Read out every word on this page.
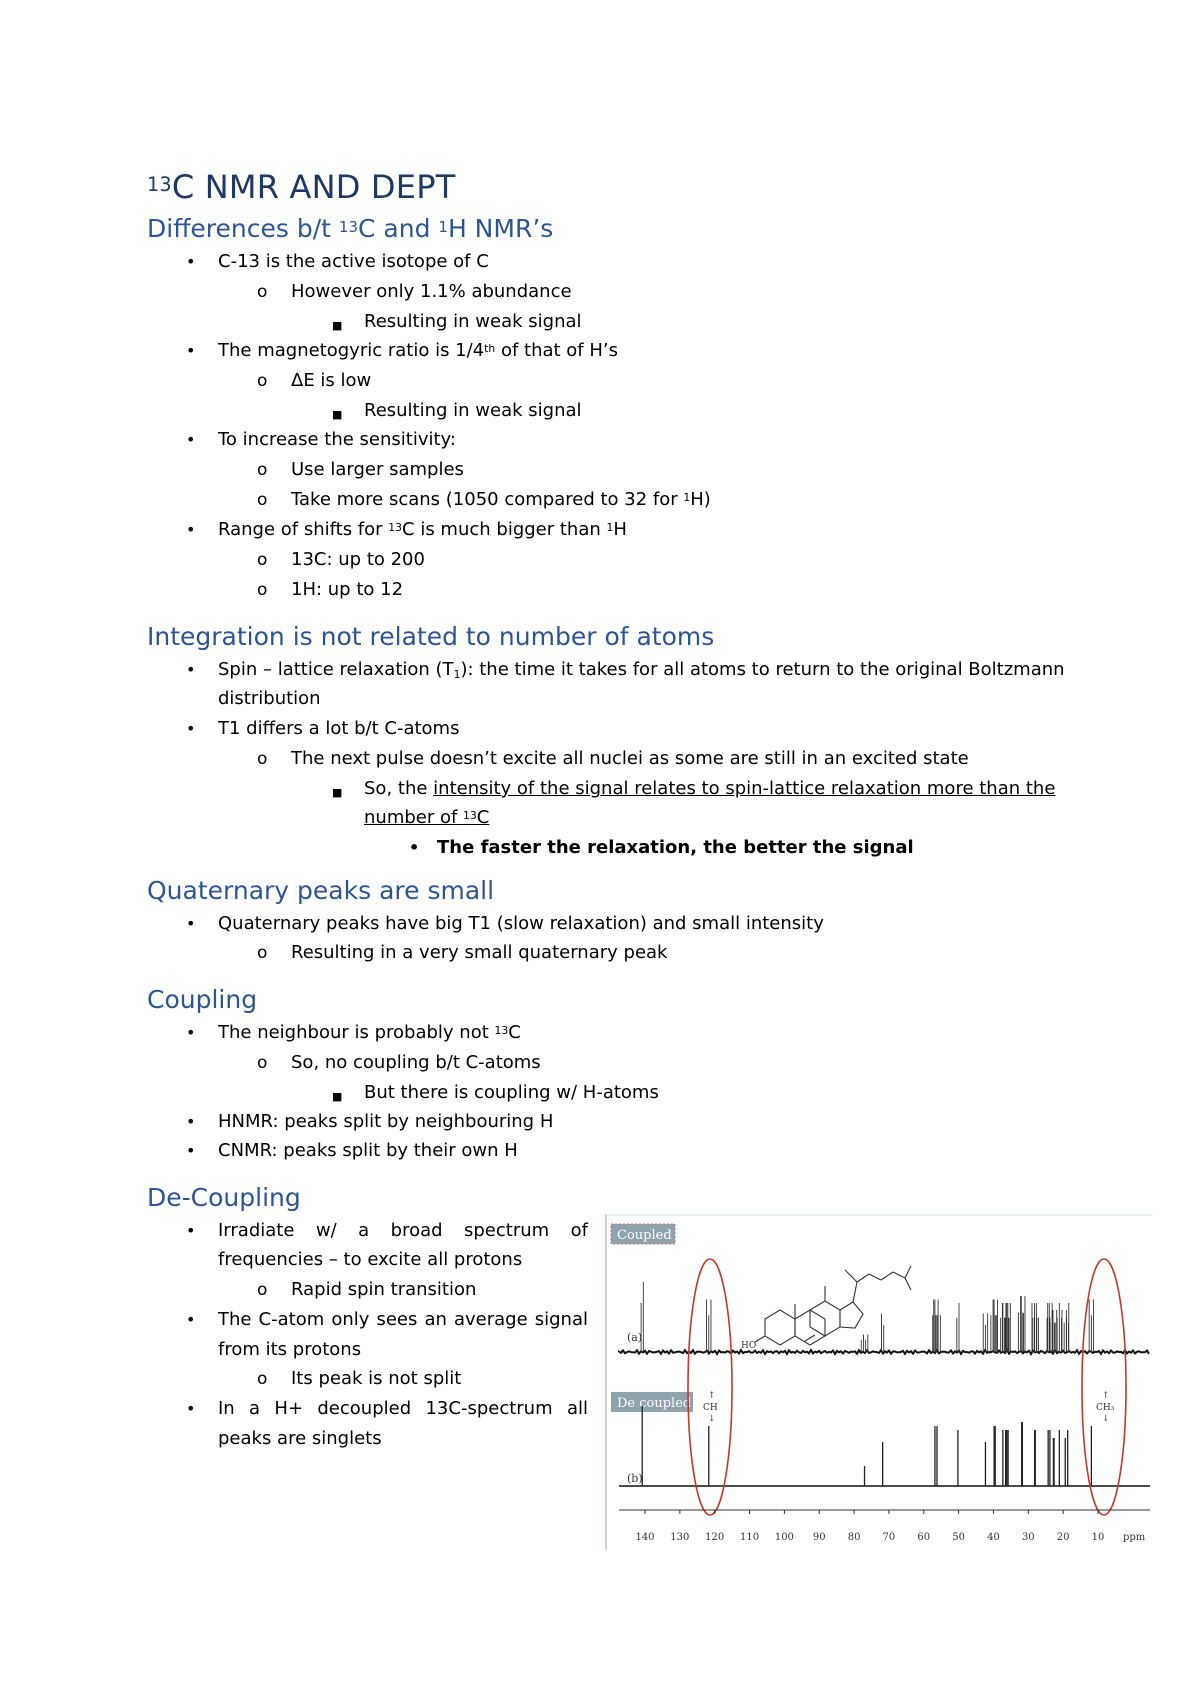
$^{13}$C NMR AND DEPT
Differences b/t $^{13}$C and $^1$H NMR’s
• C-13 is the active isotope of C
o However only 1.1% abundance
■ Resulting in weak signal
• The magnetogyric ratio is 1/4th of that of H’s
o ΔE is low
■ Resulting in weak signal
• To increase the sensitivity:
o Use larger samples
o Take more scans (1050 compared to 32 for $^1$H)
• Range of shifts for $^{13}$C is much bigger than $^1$H
o 13C: up to 200
o 1H: up to 12
Integration is not related to number of atoms
• Spin – lattice relaxation $(T_1)$: the time it takes for all atoms to return to the original Boltzmann
distribution
• T1 differs a lot b/t C-atoms
o The next pulse doesn’t excite all nuclei as some are still in an excited state
■ So, the intensity of the signal relates to spin-lattice relaxation more than the
number of $^{13}$C
• The faster the relaxation, the better the signal
Quaternary peaks are small
• Quaternary peaks have big T1 (slow relaxation) and small intensity
o Resulting in a very small quaternary peak
Coupling
• The neighbour is probably not $^{13}$C
o So, no coupling b/t C-atoms
■ But there is coupling w/ H-atoms
• HNMR: peaks split by neighbouring H
• CNMR: peaks split by their own H
De-Coupling
• Irradiate w/ a broad spectrum of
frequencies – to excite all protons
o Rapid spin transition
• The C-atom only sees an average signal
from its protons
o Its peak is not split
• In a H+ decoupled 13C-spectrum all
peaks are singlets
Coupled
De coupled
(a)
(b)
HO
↑
CH
↓
↑
CH₃
↓
140 130 120 110 100 90 80 70 60 50 40 30 20 10 ppm
